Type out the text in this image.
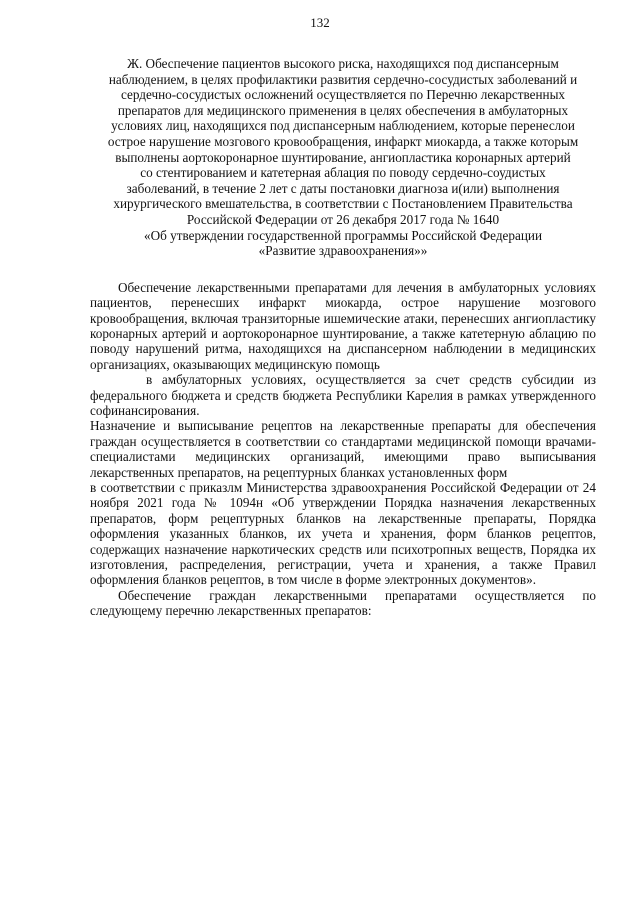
132
Ж. Обеспечение пациентов высокого риска, находящихся под диспансерным
наблюдением, в целях профилактики развития сердечно-сосудистых заболеваний и
сердечно-сосудистых осложнений осуществляется по Перечню лекарственных
препаратов для медицинского применения в целях обеспечения в амбулаторных
условиях лиц, находящихся под диспансерным наблюдением, которые перенеслои
острое нарушение мозгового кровообращения, инфаркт миокарда, а также которым
выполнены аортокоронарное шунтирование, ангиопластика коронарных артерий
со стентированием и катетерная аблация по поводу сердечно-соудистых
заболеваний, в течение 2 лет с даты постановки диагноза и(или) выполнения
хирургического вмешательства, в соответствии с Постановлением Правительства
Российской Федерации от 26 декабря 2017 года № 1640
«Об утверждении государственной программы Российской Федерации
«Развитие здравоохранения»»

Обеспечение лекарственными препаратами для лечения в амбулаторных условиях пациентов, перенесших инфаркт миокарда, острое нарушение мозгового кровообращения, включая транзиторные ишемические атаки, перенесших ангиопластику коронарных артерий и аортокоронарное шунтирование, а также катетерную аблацию по поводу нарушений ритма, находящихся на диспансерном наблюдении в медицинских организациях, оказывающих медицинскую помощь

в амбулаторных условиях, осуществляется за счет средств субсидии из федерального бюджета и средств бюджета Республики Карелия в рамках утвержденного софинансирования.

Назначение и выписывание рецептов на лекарственные препараты для обеспечения граждан осуществляется в соответствии со стандартами медицинской помощи врачами-специалистами медицинских организаций, имеющими право выписывания лекарственных препаратов, на рецептурных бланках установленных форм

в соответствии с приказлм Министерства здравоохранения Российской Федерации от 24 ноября 2021 года № 1094н «Об утверждении Порядка назначения лекарственных препаратов, форм рецептурных бланков на лекарственные препараты, Порядка оформления указанных бланков, их учета и хранения, форм бланков рецептов, содержащих назначение наркотических средств или психотропных веществ, Порядка их изготовления, распределения, регистрации, учета и хранения, а также Правил оформления бланков рецептов, в том числе в форме электронных документов».

Обеспечение граждан лекарственными препаратами осуществляется по следующему перечню лекарственных препаратов:
